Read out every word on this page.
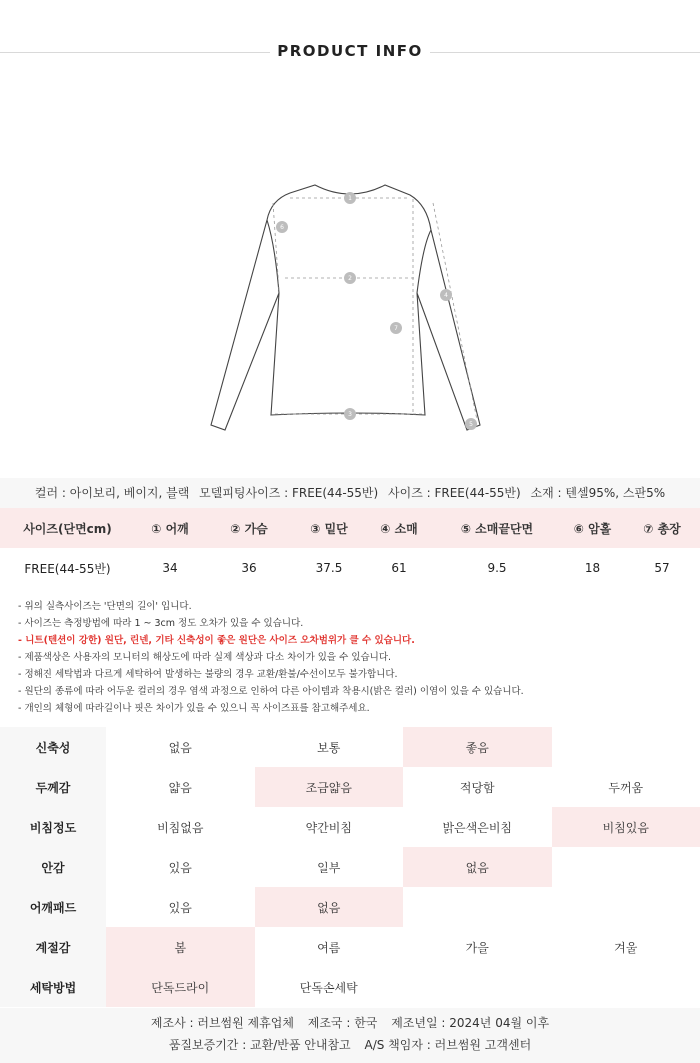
PRODUCT INFO
1
2
3
4
5
6
7
컬러 : 아이보리, 베이지, 블랙 모델피팅사이즈 : FREE(44-55반) 사이즈 : FREE(44-55반) 소재 : 텐셀95%, 스판5%
사이즈(단면cm)	① 어깨	② 가슴	③ 밑단	④ 소매	⑤ 소매끝단면	⑥ 암홀	⑦ 총장
FREE(44-55반)	34	36	37.5	61	9.5	18	57
- 위의 실측사이즈는 '단면의 길이' 입니다.
- 사이즈는 측정방법에 따라 1 ~ 3cm 정도 오차가 있을 수 있습니다.
- 니트(텐션이 강한) 원단, 린넨, 기타 신축성이 좋은 원단은 사이즈 오차범위가 클 수 있습니다.
- 제품색상은 사용자의 모니터의 해상도에 따라 실제 색상과 다소 차이가 있을 수 있습니다.
- 정해진 세탁법과 다르게 세탁하여 발생하는 불량의 경우 교환/환불/수선이모두 불가합니다.
- 원단의 종류에 따라 어두운 컬러의 경우 염색 과정으로 인하여 다른 아이템과 착용시(밝은 컬러) 이염이 있을 수 있습니다.
- 개인의 체형에 따라길이나 핏은 차이가 있을 수 있으니 꼭 사이즈표를 참고해주세요.
신축성	없음	보통	좋음
두께감	얇음	조금얇음	적당함	두꺼움
비침정도	비침없음	약간비침	밝은색은비침	비침있음
안감	있음	일부	없음
어깨패드	있음	없음
계절감	봄	여름	가을	겨울
세탁방법	단독드라이	단독손세탁
제조사 : 러브썸원 제휴업체 제조국 : 한국 제조년일 : 2024년 04월 이후
품질보증기간 : 교환/반품 안내참고 A/S 책임자 : 러브썸원 고객센터
